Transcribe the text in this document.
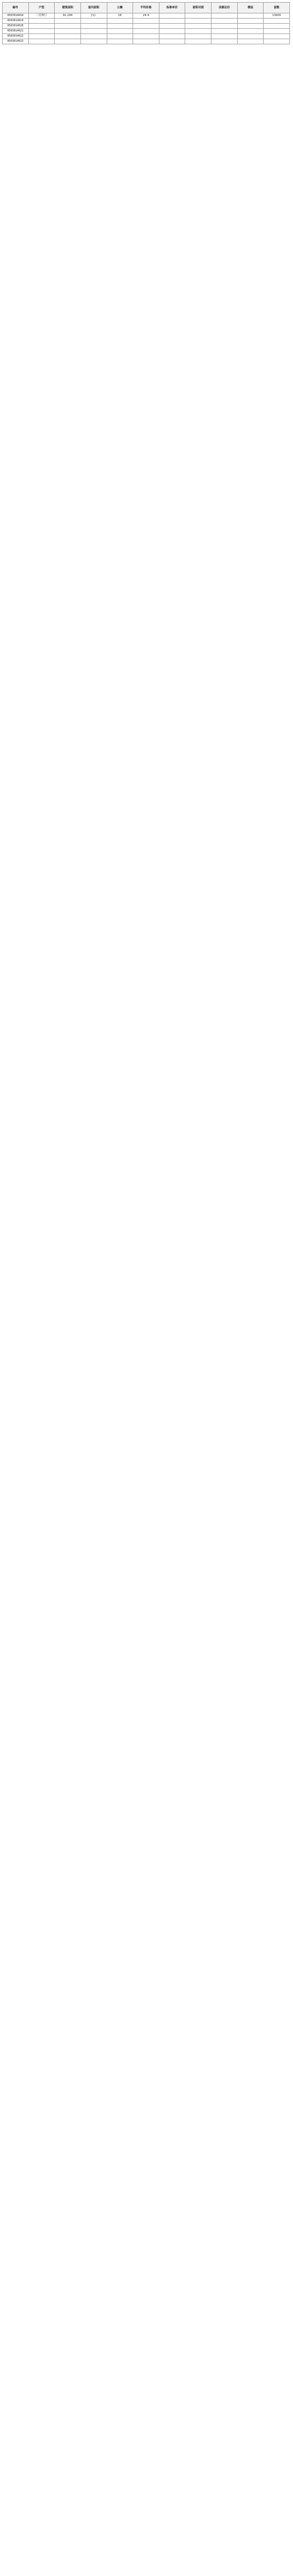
编号	户型	建筑面积	套内面积	公摊	平均价格	标准单价	面积对照	房源总价	楼层	套数
0503014018	三房两厅	91.294	[1]:	18	24.4					13600
0503014019										
0503014020										
0503014021										
0503014022										
0503014023										
